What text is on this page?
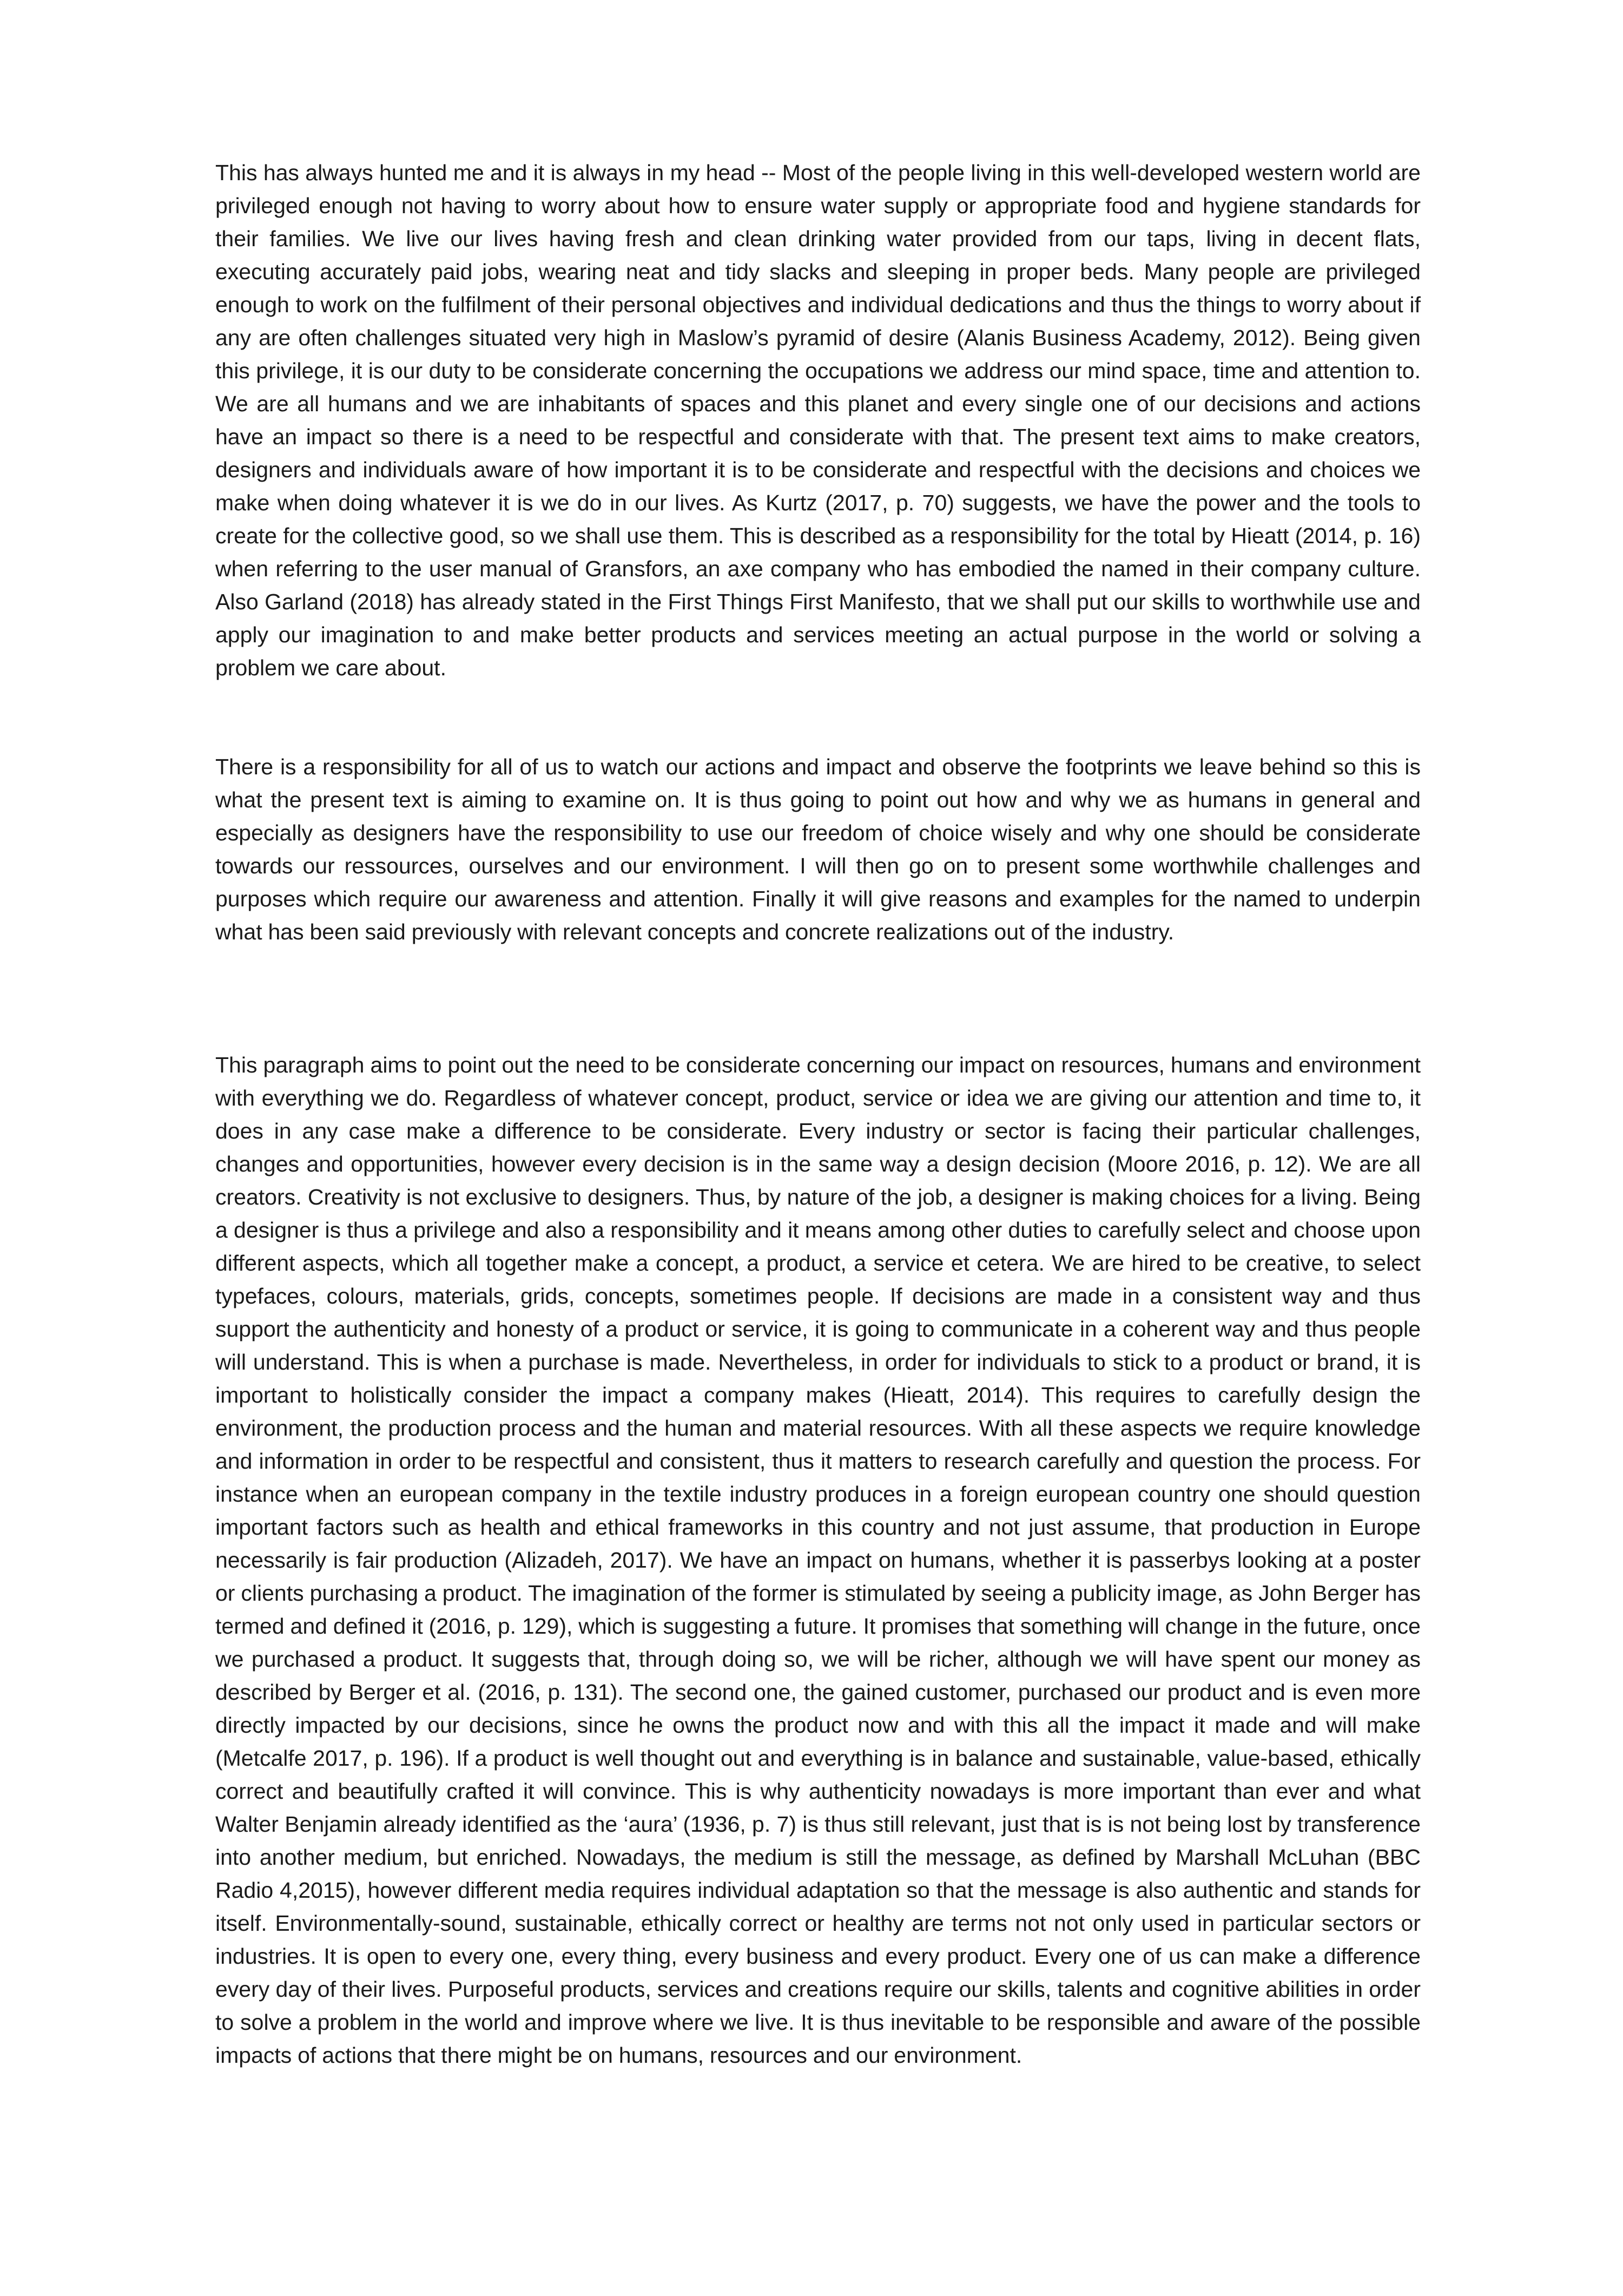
This has always hunted me and it is always in my head -- Most of the people living in this well-developed western world are privileged enough not having to worry about how to ensure water supply or appropriate food and hygiene standards for their families. We live our lives having fresh and clean drinking water provided from our taps, living in decent flats, executing accurately paid jobs, wearing neat and tidy slacks and sleeping in proper beds. Many people are privileged enough to work on the fulfilment of their personal objectives and individual dedications and thus the things to worry about if any are often challenges situated very high in Maslow’s pyramid of desire (Alanis Business Academy, 2012). Being given this privilege, it is our duty to be considerate concerning the occupations we address our mind space, time and attention to. We are all humans and we are inhabitants of spaces and this planet and every single one of our decisions and actions have an impact so there is a need to be respectful and considerate with that. The present text aims to make creators, designers and individuals aware of how important it is to be considerate and respectful with the decisions and choices we make when doing whatever it is we do in our lives. As Kurtz (2017, p. 70) suggests, we have the power and the tools to create for the collective good, so we shall use them. This is described as a responsibility for the total by Hieatt (2014, p. 16) when referring to the user manual of Gransfors, an axe company who has embodied the named in their company culture. Also Garland (2018) has already stated in the First Things First Manifesto, that we shall put our skills to worthwhile use and apply our imagination to and make better products and services meeting an actual purpose in the world or solving a problem we care about.

There is a responsibility for all of us to watch our actions and impact and observe the footprints we leave behind so this is what the present text is aiming to examine on. It is thus going to point out how and why we as humans in general and especially as designers have the responsibility to use our freedom of choice wisely and why one should be considerate towards our ressources, ourselves and our environment. I will then go on to present some worthwhile challenges and purposes which require our awareness and attention. Finally it will give reasons and examples for the named to underpin what has been said previously with relevant concepts and concrete realizations out of the industry.

This paragraph aims to point out the need to be considerate concerning our impact on resources, humans and environment with everything we do. Regardless of whatever concept, product, service or idea we are giving our attention and time to, it does in any case make a difference to be considerate. Every industry or sector is facing their particular challenges, changes and opportunities, however every decision is in the same way a design decision (Moore 2016, p. 12). We are all creators. Creativity is not exclusive to designers. Thus, by nature of the job, a designer is making choices for a living. Being a designer is thus a privilege and also a responsibility and it means among other duties to carefully select and choose upon different aspects, which all together make a concept, a product, a service et cetera. We are hired to be creative, to select typefaces, colours, materials, grids, concepts, sometimes people. If decisions are made in a consistent way and thus support the authenticity and honesty of a product or service, it is going to communicate in a coherent way and thus people will understand. This is when a purchase is made. Nevertheless, in order for individuals to stick to a product or brand, it is important to holistically consider the impact a company makes (Hieatt, 2014). This requires to carefully design the environment, the production process and the human and material resources. With all these aspects we require knowledge and information in order to be respectful and consistent, thus it matters to research carefully and question the process. For instance when an european company in the textile industry produces in a foreign european country one should question important factors such as health and ethical frameworks in this country and not just assume, that production in Europe necessarily is fair production (Alizadeh, 2017). We have an impact on humans, whether it is passerbys looking at a poster or clients purchasing a product. The imagination of the former is stimulated by seeing a publicity image, as John Berger has termed and defined it (2016, p. 129), which is suggesting a future. It promises that something will change in the future, once we purchased a product. It suggests that, through doing so, we will be richer, although we will have spent our money as described by Berger et al. (2016, p. 131). The second one, the gained customer, purchased our product and is even more directly impacted by our decisions, since he owns the product now and with this all the impact it made and will make (Metcalfe 2017, p. 196). If a product is well thought out and everything is in balance and sustainable, value-based, ethically correct and beautifully crafted it will convince. This is why authenticity nowadays is more important than ever and what Walter Benjamin already identified as the ‘aura’ (1936, p. 7) is thus still relevant, just that is is not being lost by transference into another medium, but enriched. Nowadays, the medium is still the message, as defined by Marshall McLuhan (BBC Radio 4,2015), however different media requires individual adaptation so that the message is also authentic and stands for itself. Environmentally-sound, sustainable, ethically correct or healthy are terms not not only used in particular sectors or industries. It is open to every one, every thing, every business and every product. Every one of us can make a difference every day of their lives. Purposeful products, services and creations require our skills, talents and cognitive abilities in order to solve a problem in the world and improve where we live. It is thus inevitable to be responsible and aware of the possible impacts of actions that there might be on humans, resources and our environment.
